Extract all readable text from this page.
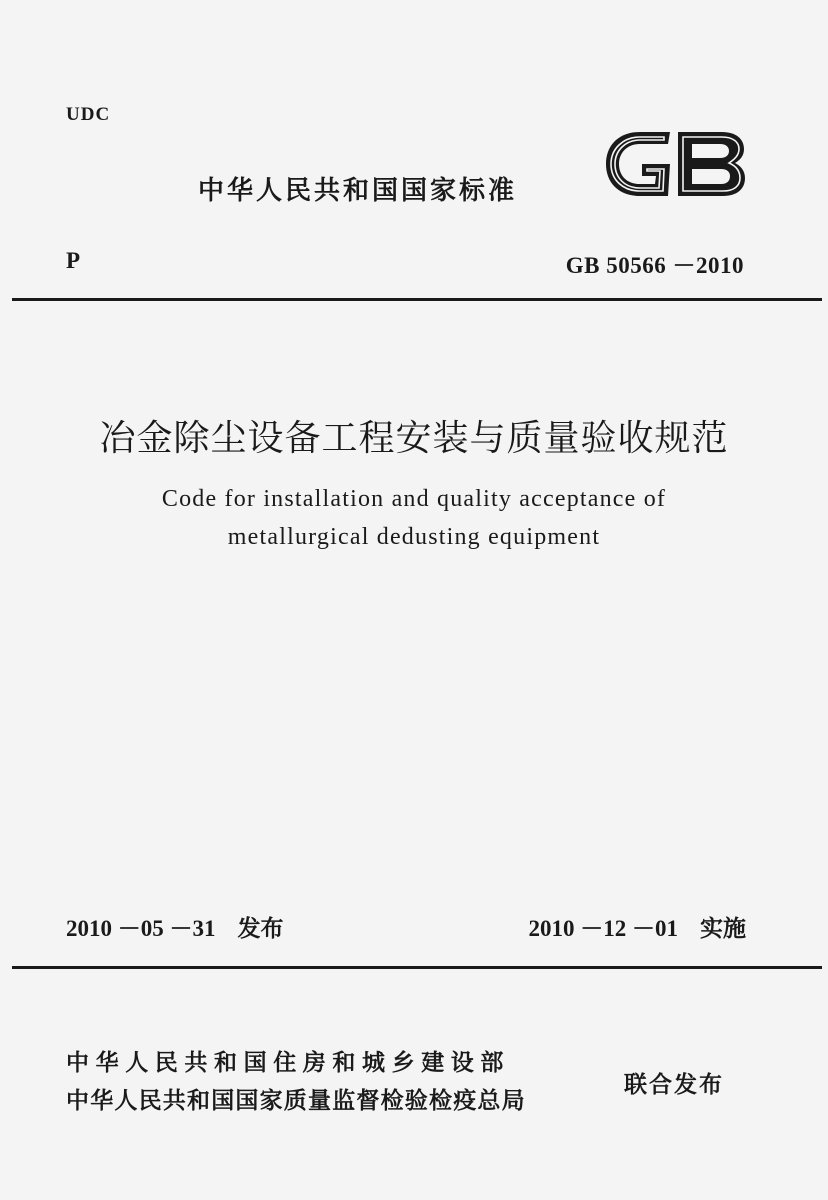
UDC
中华人民共和国国家标准
P	GB 50566 －2010
冶金除尘设备工程安装与质量验收规范
Code for installation and quality acceptance of
metallurgical dedusting equipment
2010 －05 －31 发布	2010 －12 －01 实施
中华人民共和国住房和城乡建设部
中华人民共和国国家质量监督检验检疫总局
联合发布
